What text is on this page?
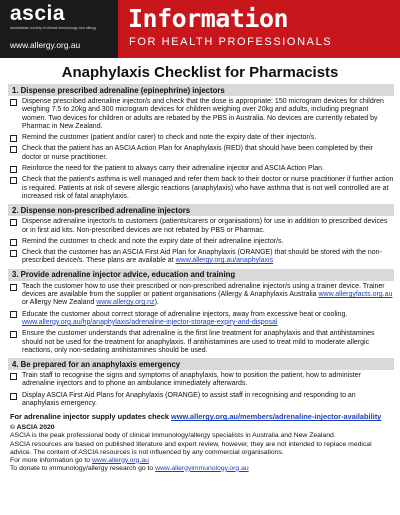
ascia
australasian society of clinical immunology and allergy
www.allergy.org.au
Information
FOR HEALTH PROFESSIONALS
Anaphylaxis Checklist for Pharmacists
1. Dispense prescribed adrenaline (epinephrine) injectors
Dispense prescribed adrenaline injector/s and check that the dose is appropriate: 150 microgram devices for children weighing 7.5 to 20kg and 300 microgram devices for children weighing over 20kg and adults, including pregnant women. Two devices for children or adults are rebated by the PBS in Australia. No devices are currently rebated by Pharmac in New Zealand.
Remind the customer (patient and/or carer) to check and note the expiry date of their injector/s.
Check that the patient has an ASCIA Action Plan for Anaphylaxis (RED) that should have been completed by their doctor or nurse practitioner.
Reinforce the need for the patient to always carry their adrenaline injector and ASCIA Action Plan.
Check that the patient's asthma is well managed and refer them back to their doctor or nurse practitioner if further action is required. Patients at risk of severe allergic reactions (anaphylaxis) who have asthma that is not well controlled are at increased risk of fatal anaphylaxis.
2. Dispense non-prescribed adrenaline injectors
Dispense adrenaline injector/s to customers (patients/carers or organisations) for use in addition to prescribed devices or in first aid kits. Non-prescribed devices are not rebated by PBS or Pharmac.
Remind the customer to check and note the expiry date of their adrenaline injector/s.
Check that the customer has an ASCIA First Aid Plan for Anaphylaxis (ORANGE) that should be stored with the non-prescribed device/s. These plans are available at www.allergy.org.au/anaphylaxis
3. Provide adrenaline injector advice, education and training
Teach the customer how to use their prescribed or non-prescribed adrenaline injector/s using a trainer device. Trainer devices are available from the supplier or patient organisations (Allergy & Anaphylaxis Australia www.allergyfacts.org.au or Allergy New Zealand www.allergy.org.nz).
Educate the customer about correct storage of adrenaline injectors, away from excessive heat or cooling. www.allergy.org.au/hp/anaphylaxis/adrenaline-injector-storage-expiry-and-disposal
Ensure the customer understands that adrenaline is the first line treatment for anaphylaxis and that antihistamines should not be used for the treatment for anaphylaxis. If antihistamines are used to treat mild to moderate allergic reactions, only non-sedating antihistamines should be used.
4. Be prepared for an anaphylaxis emergency
Train staff to recognise the signs and symptoms of anaphylaxis, how to position the patient, how to administer adrenaline injectors and to phone an ambulance immediately afterwards.
Display ASCIA First Aid Plans for Anaphylaxis (ORANGE) to assist staff in recognising and responding to an anaphylaxis emergency.
For adrenaline injector supply updates check www.allergy.org.au/members/adrenaline-injector-availability
© ASCIA 2020
ASCIA is the peak professional body of clinical immunology/allergy specialists in Australia and New Zealand.
ASCIA resources are based on published literature and expert review, however, they are not intended to replace medical advice. The content of ASCIA resources is not influenced by any commercial organisations.
For more information go to www.allergy.org.au
To donate to immunology/allergy research go to www.allergyimmunology.org.au
